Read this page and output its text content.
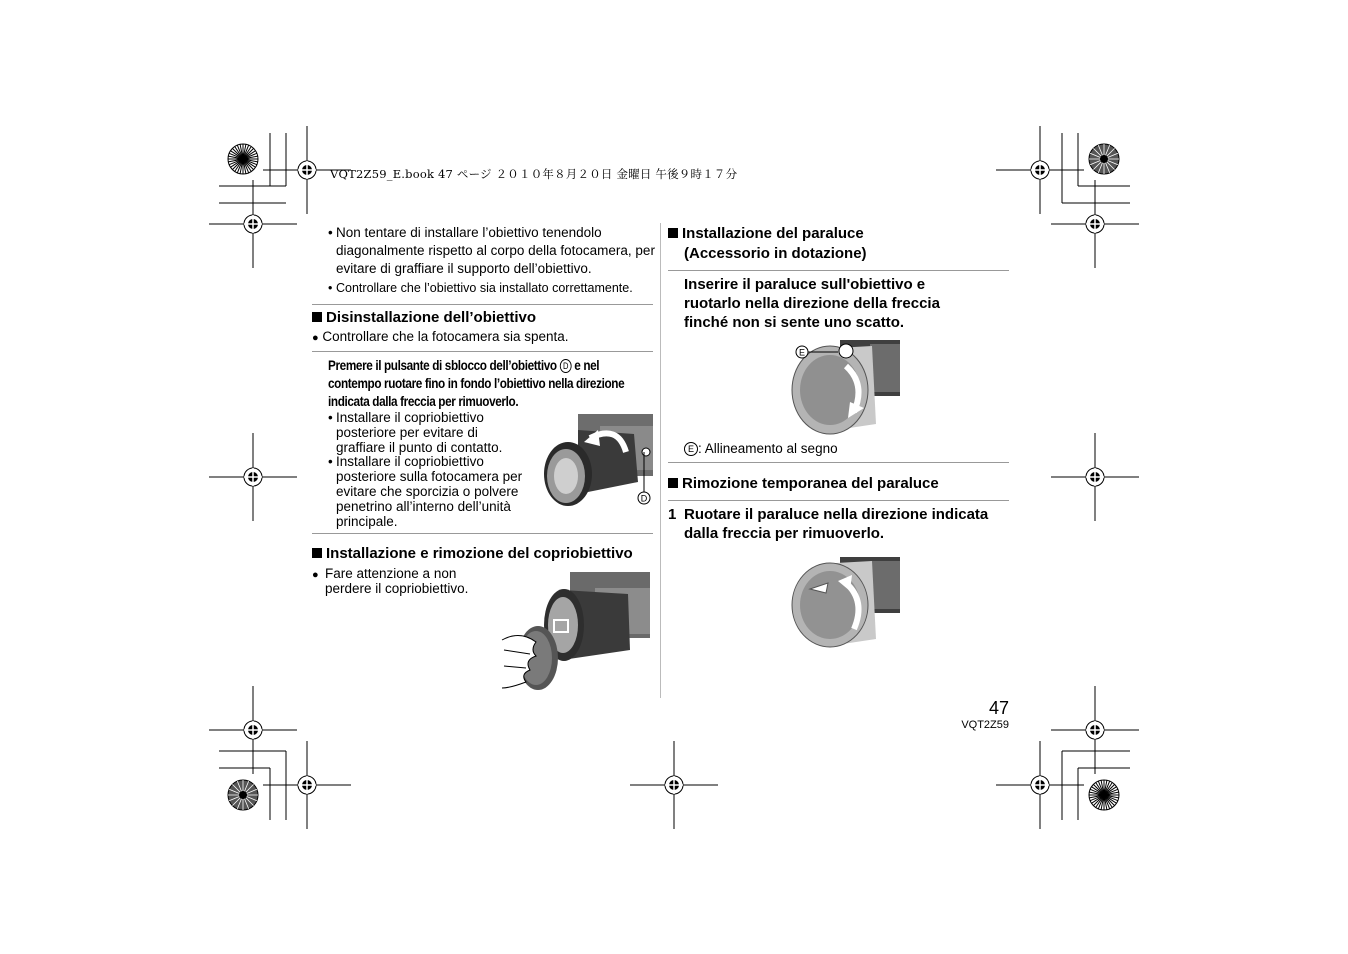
VQT2Z59_E.book 47 ページ ２０１０年８月２０日 金曜日 午後９時１７分
• Non tentare di installare l’obiettivo tenendolo diagonalmente rispetto al corpo della fotocamera, per evitare di graffiare il supporto dell’obiettivo.
• Controllare che l’obiettivo sia installato correttamente.
Disinstallazione dell’obiettivo
● Controllare che la fotocamera sia spenta.
Premere il pulsante di sblocco dell’obiettivo D e nel contempo ruotare fino in fondo l’obiettivo nella direzione indicata dalla freccia per rimuoverlo.
• Installare il copriobiettivo posteriore per evitare di graffiare il punto di contatto.
• Installare il copriobiettivo posteriore sulla fotocamera per evitare che sporcizia o polvere penetrino all’interno dell’unità principale.
D
Installazione e rimozione del copriobiettivo
● Fare attenzione a non perdere il copriobiettivo.
Installazione del paraluce
(Accessorio in dotazione)
Inserire il paraluce sull'obiettivo e ruotarlo nella direzione della freccia finché non si sente uno scatto.
E
E : Allineamento al segno
Rimozione temporanea del paraluce
1 Ruotare il paraluce nella direzione indicata dalla freccia per rimuoverlo.
47
VQT2Z59
